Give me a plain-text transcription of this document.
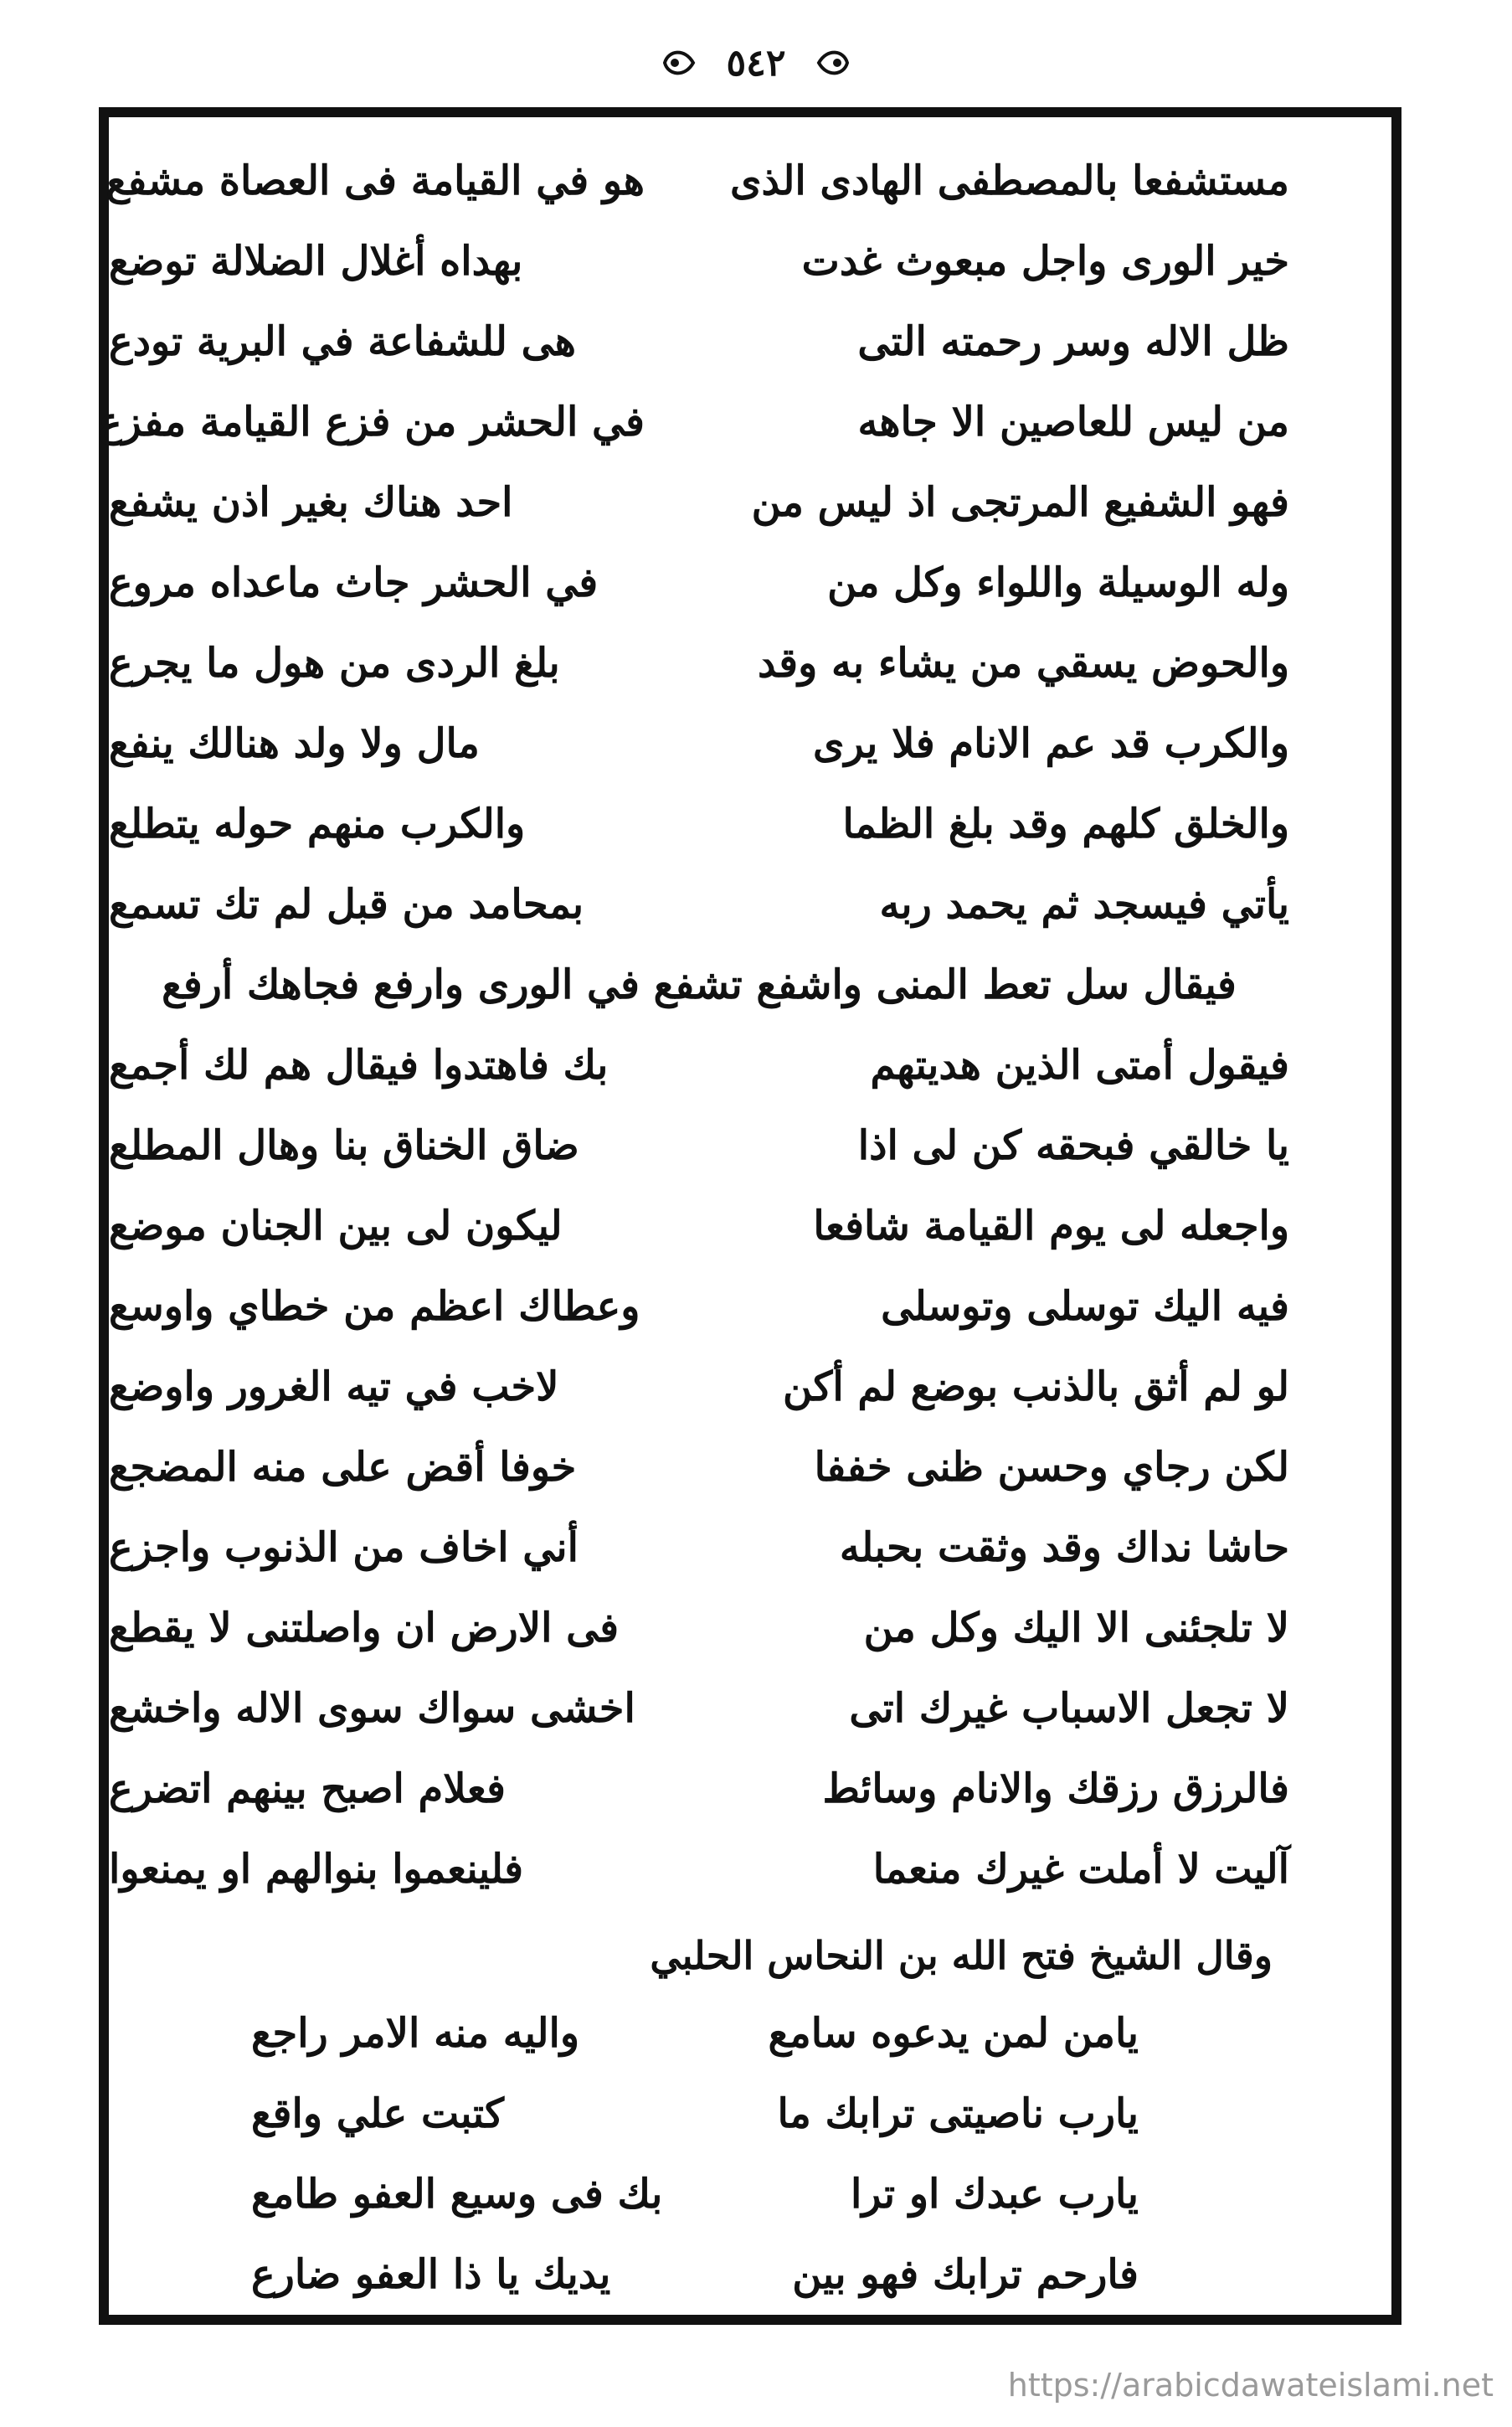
٥٤٢
مستشفعا بالمصطفى الهادى الذى
هو في القيامة فى العصاة مشفع
خير الورى واجل مبعوث غدت
بهداه أغلال الضلالة توضع
ظل الاله وسر رحمته التى
هى للشفاعة في البرية تودع
من ليس للعاصين الا جاهه
في الحشر من فزع القيامة مفزع
فهو الشفيع المرتجى اذ ليس من
احد هناك بغير اذن يشفع
وله الوسيلة واللواء وكل من
في الحشر جاث ماعداه مروع
والحوض يسقي من يشاء به وقد
بلغ الردى من هول ما يجرع
والكرب قد عم الانام فلا يرى
مال ولا ولد هنالك ينفع
والخلق كلهم وقد بلغ الظما
والكرب منهم حوله يتطلع
يأتي فيسجد ثم يحمد ربه
بمحامد من قبل لم تك تسمع
فيقال سل تعط المنى واشفع تشفع في الورى وارفع فجاهك أرفع
فيقول أمتى الذين هديتهم
بك فاهتدوا فيقال هم لك أجمع
يا خالقي فبحقه كن لى اذا
ضاق الخناق بنا وهال المطلع
واجعله لى يوم القيامة شافعا
ليكون لى بين الجنان موضع
فيه اليك توسلى وتوسلى
وعطاك اعظم من خطاي واوسع
لو لم أثق بالذنب بوضع لم أكن
لاخب في تيه الغرور واوضع
لكن رجاي وحسن ظنى خففا
خوفا أقض على منه المضجع
حاشا نداك وقد وثقت بحبله
أني اخاف من الذنوب واجزع
لا تلجئنى الا اليك وكل من
فى الارض ان واصلتنى لا يقطع
لا تجعل الاسباب غيرك اتى
اخشى سواك سوى الاله واخشع
فالرزق رزقك والانام وسائط
فعلام اصبح بينهم اتضرع
آليت لا أملت غيرك منعما
فلينعموا بنوالهم او يمنعوا
وقال الشيخ فتح الله بن النحاس الحلبي
يامن لمن يدعوه سامع
واليه منه الامر راجع
يارب ناصيتى ترابك ما
كتبت علي واقع
يارب عبدك او ترا
بك فى وسيع العفو طامع
فارحم ترابك فهو بين
يديك يا ذا العفو ضارع
https://arabicdawateislami.net
